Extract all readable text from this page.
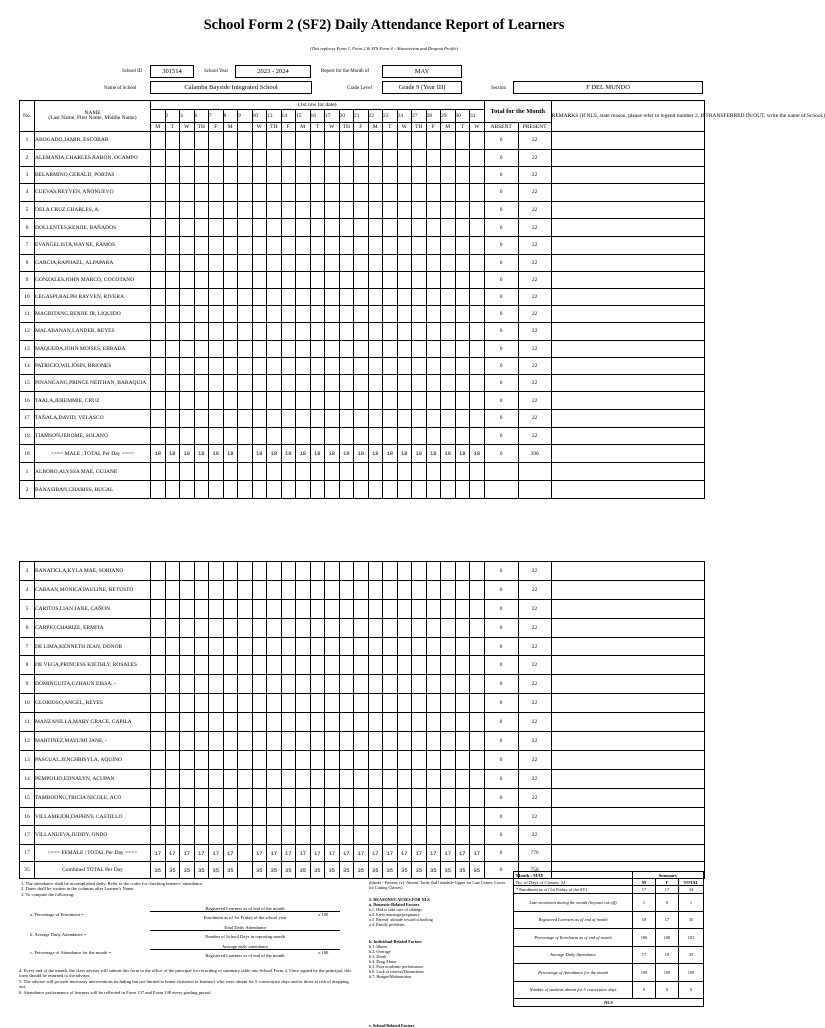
School Form 2 (SF2) Daily Attendance Report of Learners
(This replaces Form 1, Form 2 & STS Form 4 - Absenteeism and Dropout Profile)
School ID	301514	School Year	2023 - 2024	Report for the Month of	MAY
Name of School	Calamba Bayside Integrated School	Grade Level	Grade 9 (Year III)	Section	F DEL MUNDO
No.	NAME
(Last Name, First Name, Middle Name)	(1st row for date)																							Total for the Month		REMARKS (If NLS, state reason, please refer to legend number 2. If TRANSFERRED IN/OUT, write the name of School.)
			2	3	6	7	8	9	10	13	14	15	16	17	20	21	22	23	24	27	28	29	30	31			
		M	T	W	TH	F	M		W	TH	F	M	T	W	TH	F	M	T	W	TH	F	M	T	W	ABSENT	PRESENT	
1	ABOGADO,JAMIR, ESCOBAR																								0	22	
2	ALEMANIA,CHARLES AARON, OCAMPO																								0	22	
3	BELARMINO,GERALD, PORTAS																								0	22	
4	CUEVAS,REYVEN, AÑONUEVO																								0	22	
5	DELA CRUZ,CHARLES, A.																								0	22	
6	DOLLENTES,KENJIE, BAÑADOS																								0	22	
7	EVANGELISTA,WAYNE, RAMOS																								0	22	
8	GARCIA,RAPHAEL, ALPAPARA																								0	22	
9	GONZALES,JOHN MARCO, GOCOTANO																								0	22	
10	LEGASPI,RALPH RAYVEN, RIVERA																								0	22	
11	MAGBITANG,BENJIE JR, LIQUIDO																								0	22	
12	MALABANAN,LANDER, REYES																								0	22	
13	MAQUEDA,JOHN MOISES, EBRADA																								0	22	
14	PATRICIO,WILJOHN, BRIONES																								0	22	
15	PINANGANG,PRINCE NEITHAN, BARAQUIA																								0	22	
16	TAALA,JEREMMIE, CRUZ																								0	22	
17	TAÑALA,DAVID, VELASCO																								0	22	
18	TIAMSON,JEROME, SOLANO																								0	22	
18	<=== MALE | TOTAL Per Day ===>	18	18	18	18	18	18		18	18	18	18	18	18	18	18	18	18	18	18	18	18	18	18	0	396	
1	ALBORO,ALYSSA MAE, GUJANE																										
2	BANASIBAN,CHARISS, BUGAL																										
3	BANATICLA,KYLA MAE, SORIANO																								0	22	
4	CABAAN,MONICA PAULINE, RETUSTO																								0	22	
5	CARITOS,LIAN JANE, CAÑON																								0	22	
6	CARPIO,CHARIZE, ERMITA																								0	22	
7	DE LIMA,KENNETH JEAN, DONOR																								0	22	
8	DE VEGA,PRINCESS KIETHLY, ROSALES																								0	22	
9	DOMINGUITA,CZHAUN EISSA, -																								0	22	
10	GLORIOSO,ANGEL, REYES																								0	22	
11	MANZANILLA,MARY GRACE, CAPILA																								0	22	
12	MARTINEZ,MAYUMI JANE, -																								0	22	
13	PASCUAL,JENCHRISYLA, AQUINO																								0	22	
14	PEMPOLIO,EDNALYN, ACUPAN																								0	22	
15	TAMBOONG,TRICIA NICOLE, ACO																								0	22	
16	VILLAMEJOR,DAPHNY, CASTILLO																								0	22	
17	VILLANUEVA,JUDDY, ONDO																								0	22	
17	<=== FEMALE | TOTAL Per Day ===>	17	17	17	17	17	17		17	17	17	17	17	17	17	17	17	17	17	17	17	17	17	17	0	770	
35	Combined TOTAL Per Day	35	35	35	35	35	35		35	35	35	35	35	35	35	35	35	35	35	35	35	35	35	35	0	756	
1. The attendance shall be accomplished daily. Refer to the codes for checking learners' attendance.
2. Dates shall be written in the columns after Learner's Name.
3. To compute the following:
a. Percentage of Enrolment =
Registered Learners as of end of the month
Enrolment as of 1st Friday of the school year
x 100
b. Average Daily Attendance =
Total Daily Attendance
Number of School Days in reporting month
c. Percentage of Attendance for the month =
Average daily attendance
Registered Learners as of end of the month
x 100
4. Every end of the month, the class adviser will submit this form to the office of the principal for recording of summary table into School Form 4. Once signed by the principal, this form should be returned to the adviser.
5. The adviser will provide necessary interventions including but not limited to home visitation to learner/s who were absent for 5 consecutive days and/or those at risk of dropping out.
6. Attendance performance of learners will be reflected in Form 137 and Form 138 every grading period.
(blank) - Present; (x)- Absent; Tardy (half shaded= Upper for Late Comer, Lower for Cutting Classes)
2. REASONS/CAUSES FOR NLS
a. Domestic-Related Factors
a.1. Had to take care of siblings
a.2. Early marriage/pregnancy
a.3. Parents' attitude toward schooling
a.4. Family problems
b. Individual-Related Factors
b.1. Illness
b.2. Overage
b.3. Death
b.4. Drug Abuse
b.5. Poor academic performance
b.6. Lack of interest/Distractions
b.7. Hunger/Malnutrition
c. School-Related Factors
Month : MAY	Summary		
No. of Days of Classes: 22	M	F	TOTAL
* Enrolment as of (1st Friday of the SY)	17	17	34
Late enrolment during the month (beyond cut-off)	1	0	1
Registered Learners as of end of month	18	17	35
Percentage of Enrolment as of end of month	106	100	103
Average Daily Attendance	17	18	35
Percentage of Attendance for the month	100	100	100
Number of students absent for 5 consecutive days	0	0	0
NLS			
